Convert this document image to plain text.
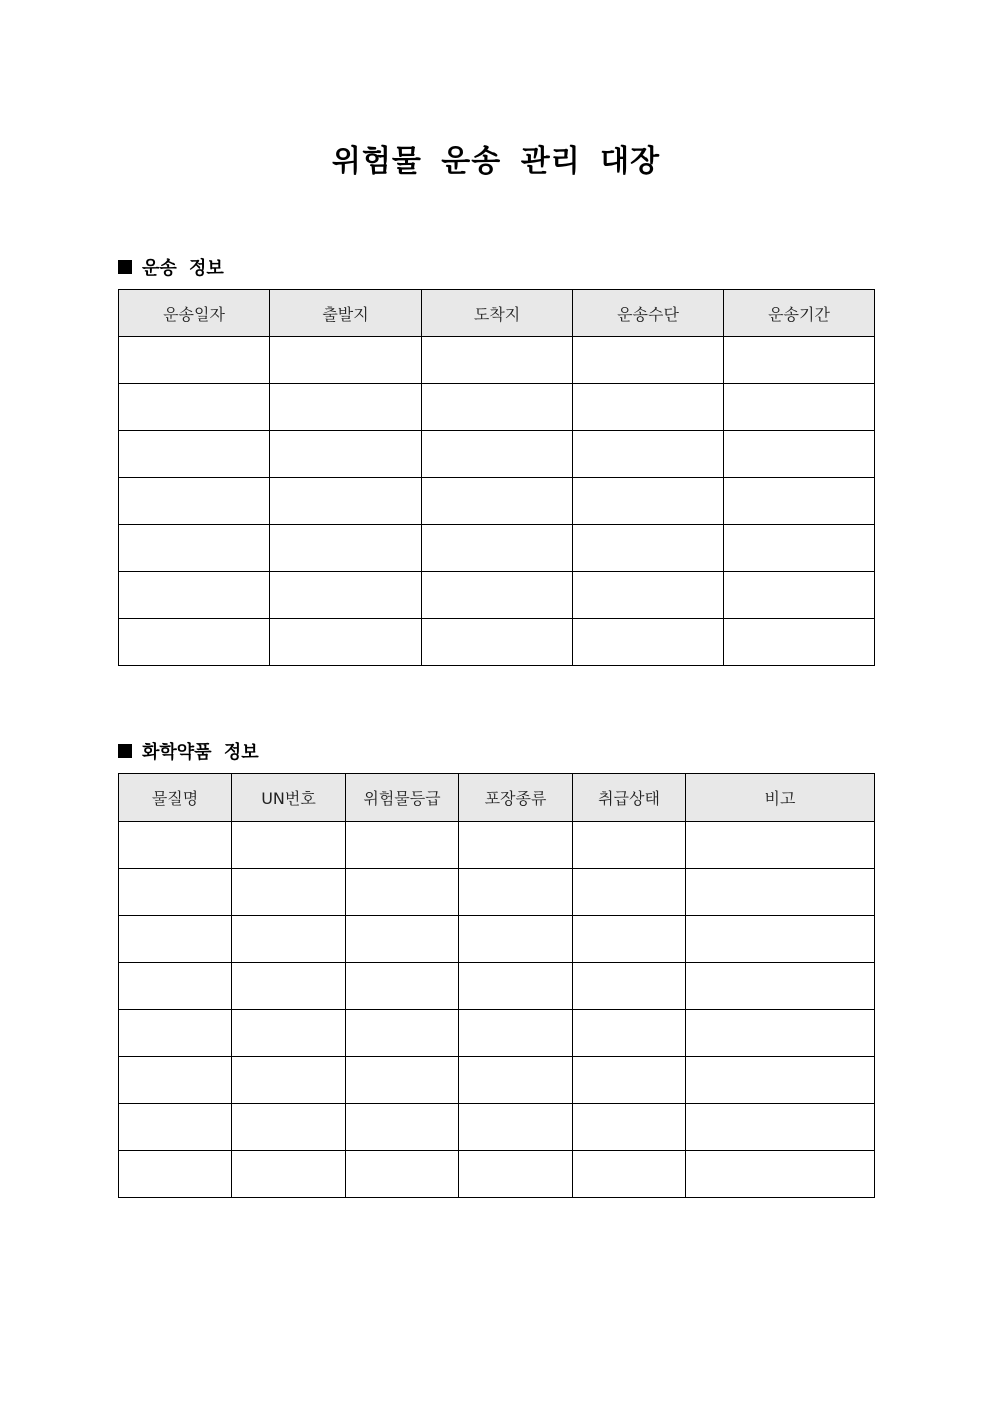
위험물 운송 관리 대장
운송 정보
운송일자	출발지	도착지	운송수단	운송기간

화학약품 정보
물질명	UN번호	위험물등급	포장종류	취급상태	비고
